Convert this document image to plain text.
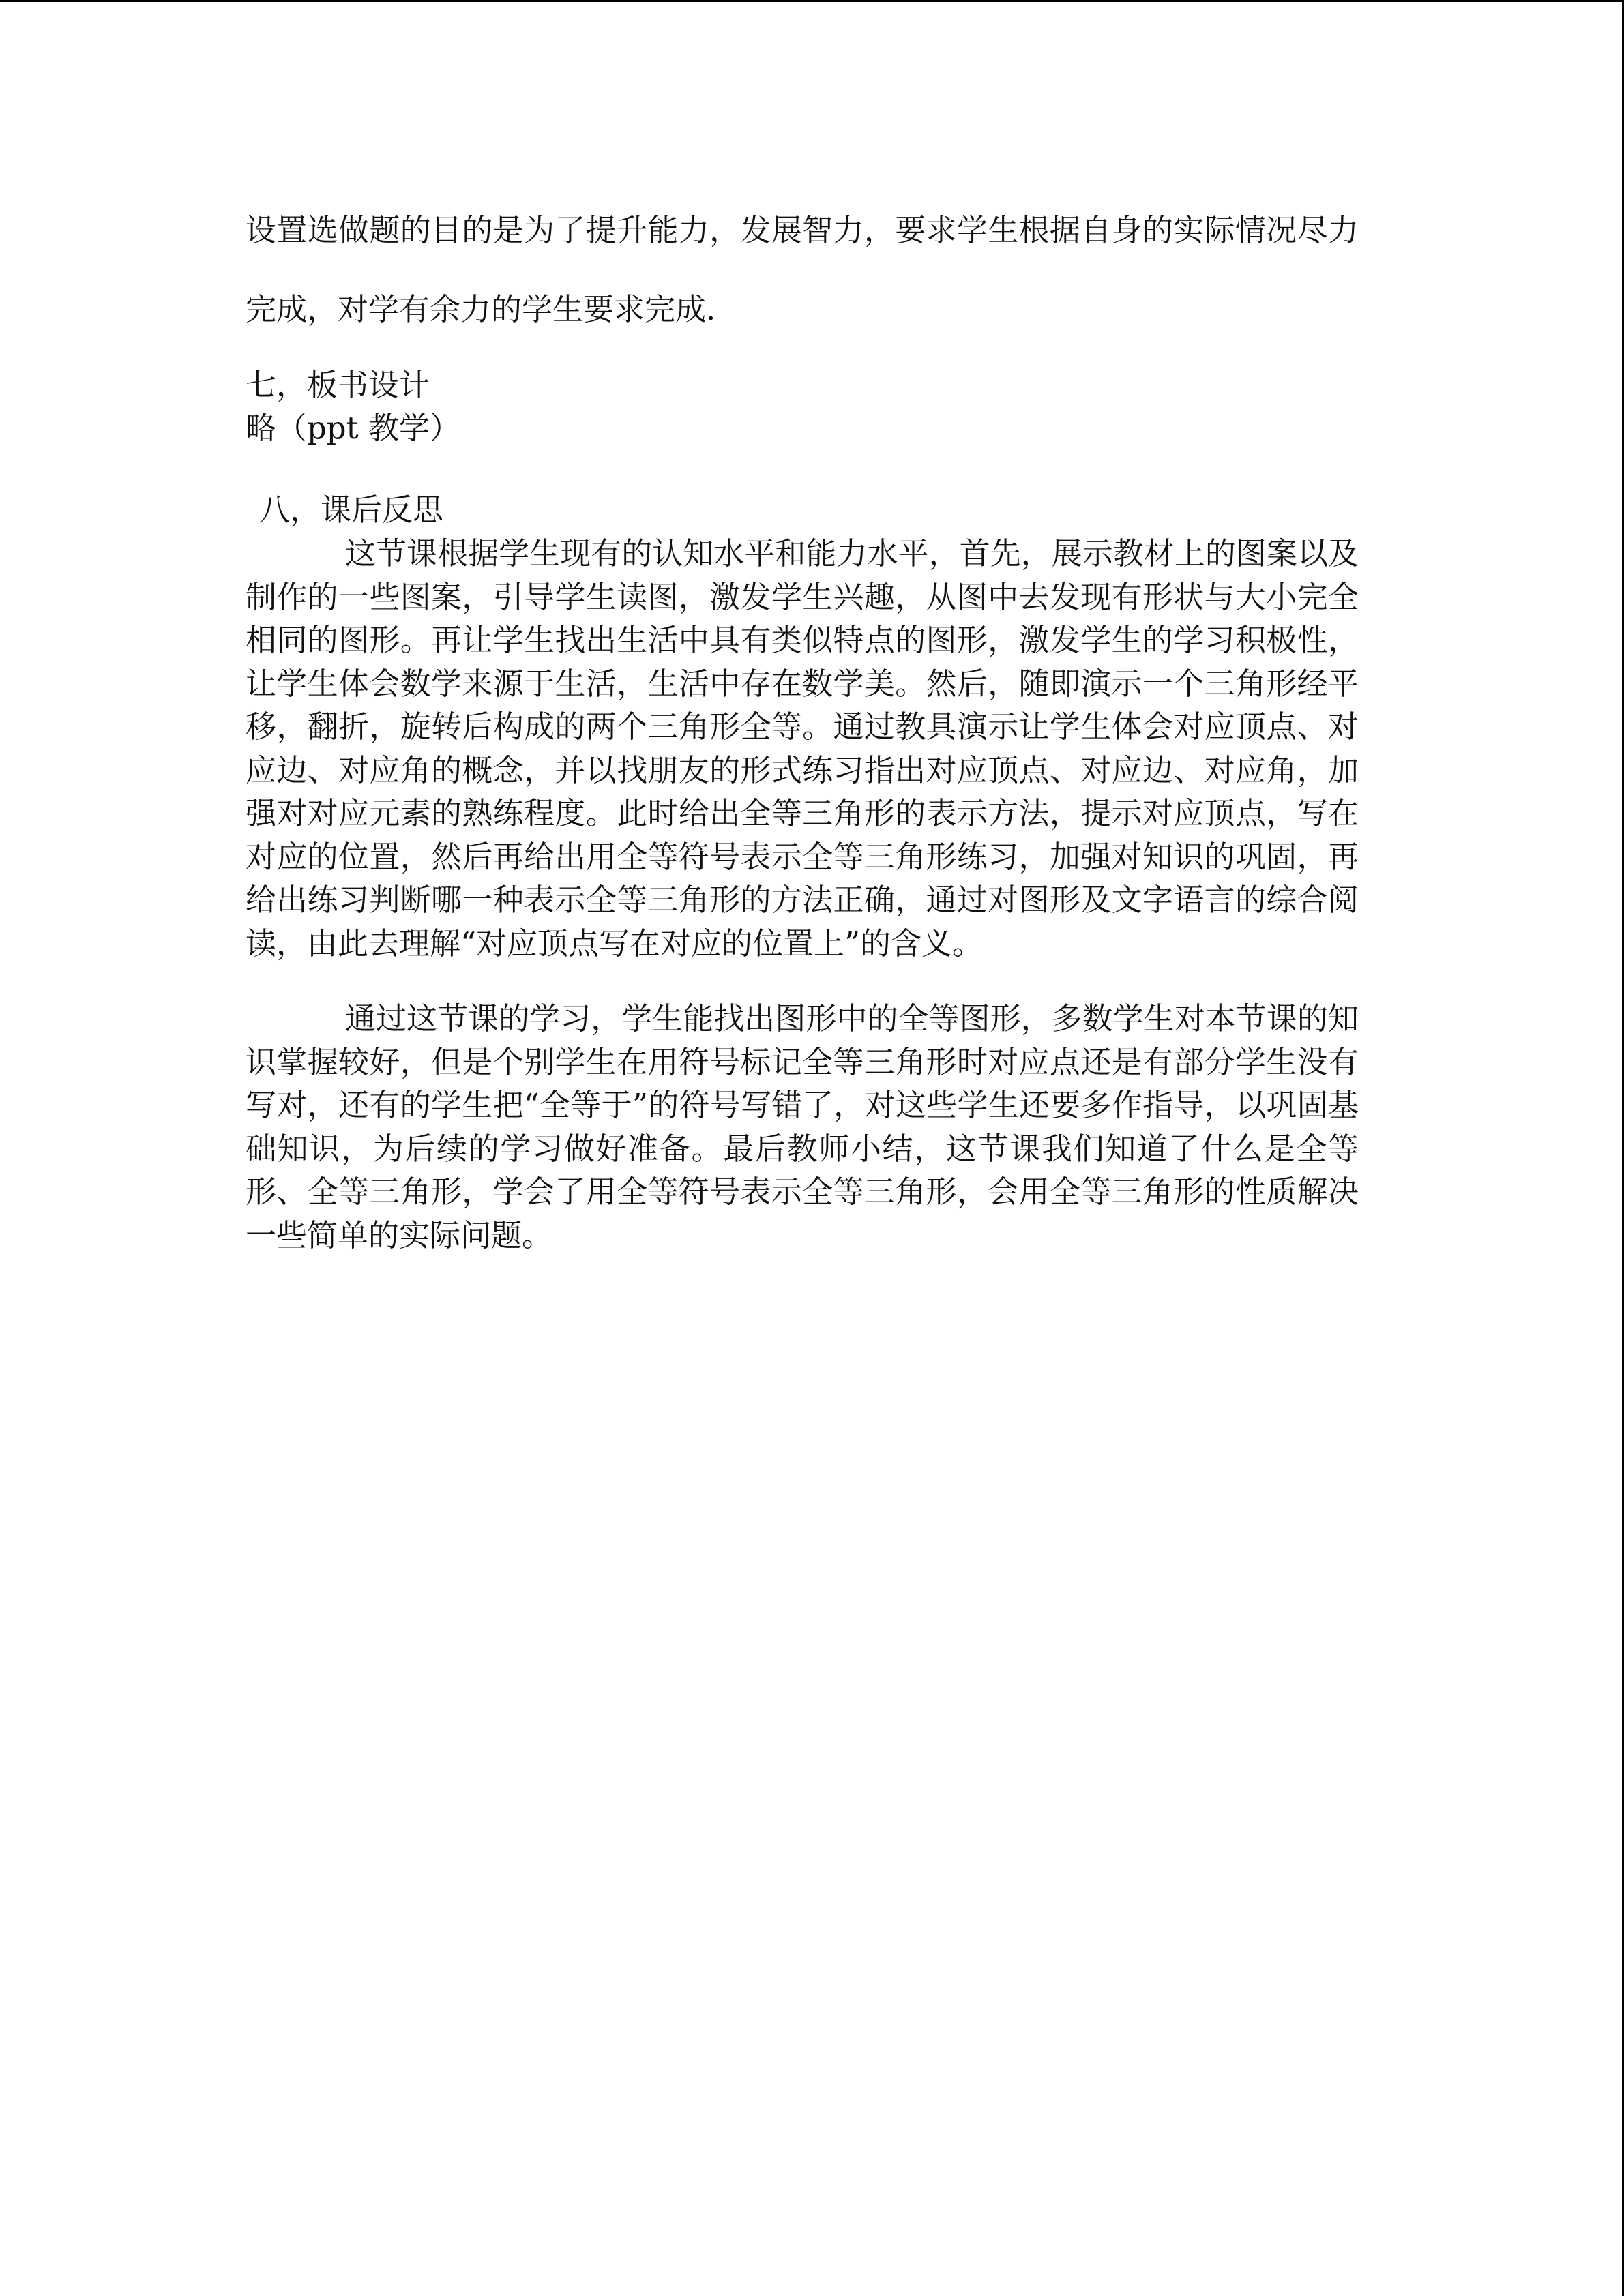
设置选做题的目的是为了提升能力，发展智力，要求学生根据自身的实际情况尽力完成，对学有余力的学生要求完成.

七，板书设计

略（ppt 教学）

八，课后反思

这节课根据学生现有的认知水平和能力水平，首先，展示教材上的图案以及制作的一些图案，引导学生读图，激发学生兴趣，从图中去发现有形状与大小完全相同的图形。再让学生找出生活中具有类似特点的图形，激发学生的学习积极性，让学生体会数学来源于生活，生活中存在数学美。然后，随即演示一个三角形经平移，翻折，旋转后构成的两个三角形全等。通过教具演示让学生体会对应顶点、对应边、对应角的概念，并以找朋友的形式练习指出对应顶点、对应边、对应角，加强对对应元素的熟练程度。此时给出全等三角形的表示方法，提示对应顶点，写在对应的位置，然后再给出用全等符号表示全等三角形练习，加强对知识的巩固，再给出练习判断哪一种表示全等三角形的方法正确，通过对图形及文字语言的综合阅读，由此去理解“对应顶点写在对应的位置上”的含义。

通过这节课的学习，学生能找出图形中的全等图形，多数学生对本节课的知识掌握较好，但是个别学生在用符号标记全等三角形时对应点还是有部分学生没有写对，还有的学生把“全等于”的符号写错了，对这些学生还要多作指导，以巩固基础知识，为后续的学习做好准备。最后教师小结，这节课我们知道了什么是全等形、全等三角形，学会了用全等符号表示全等三角形，会用全等三角形的性质解决一些简单的实际问题。
